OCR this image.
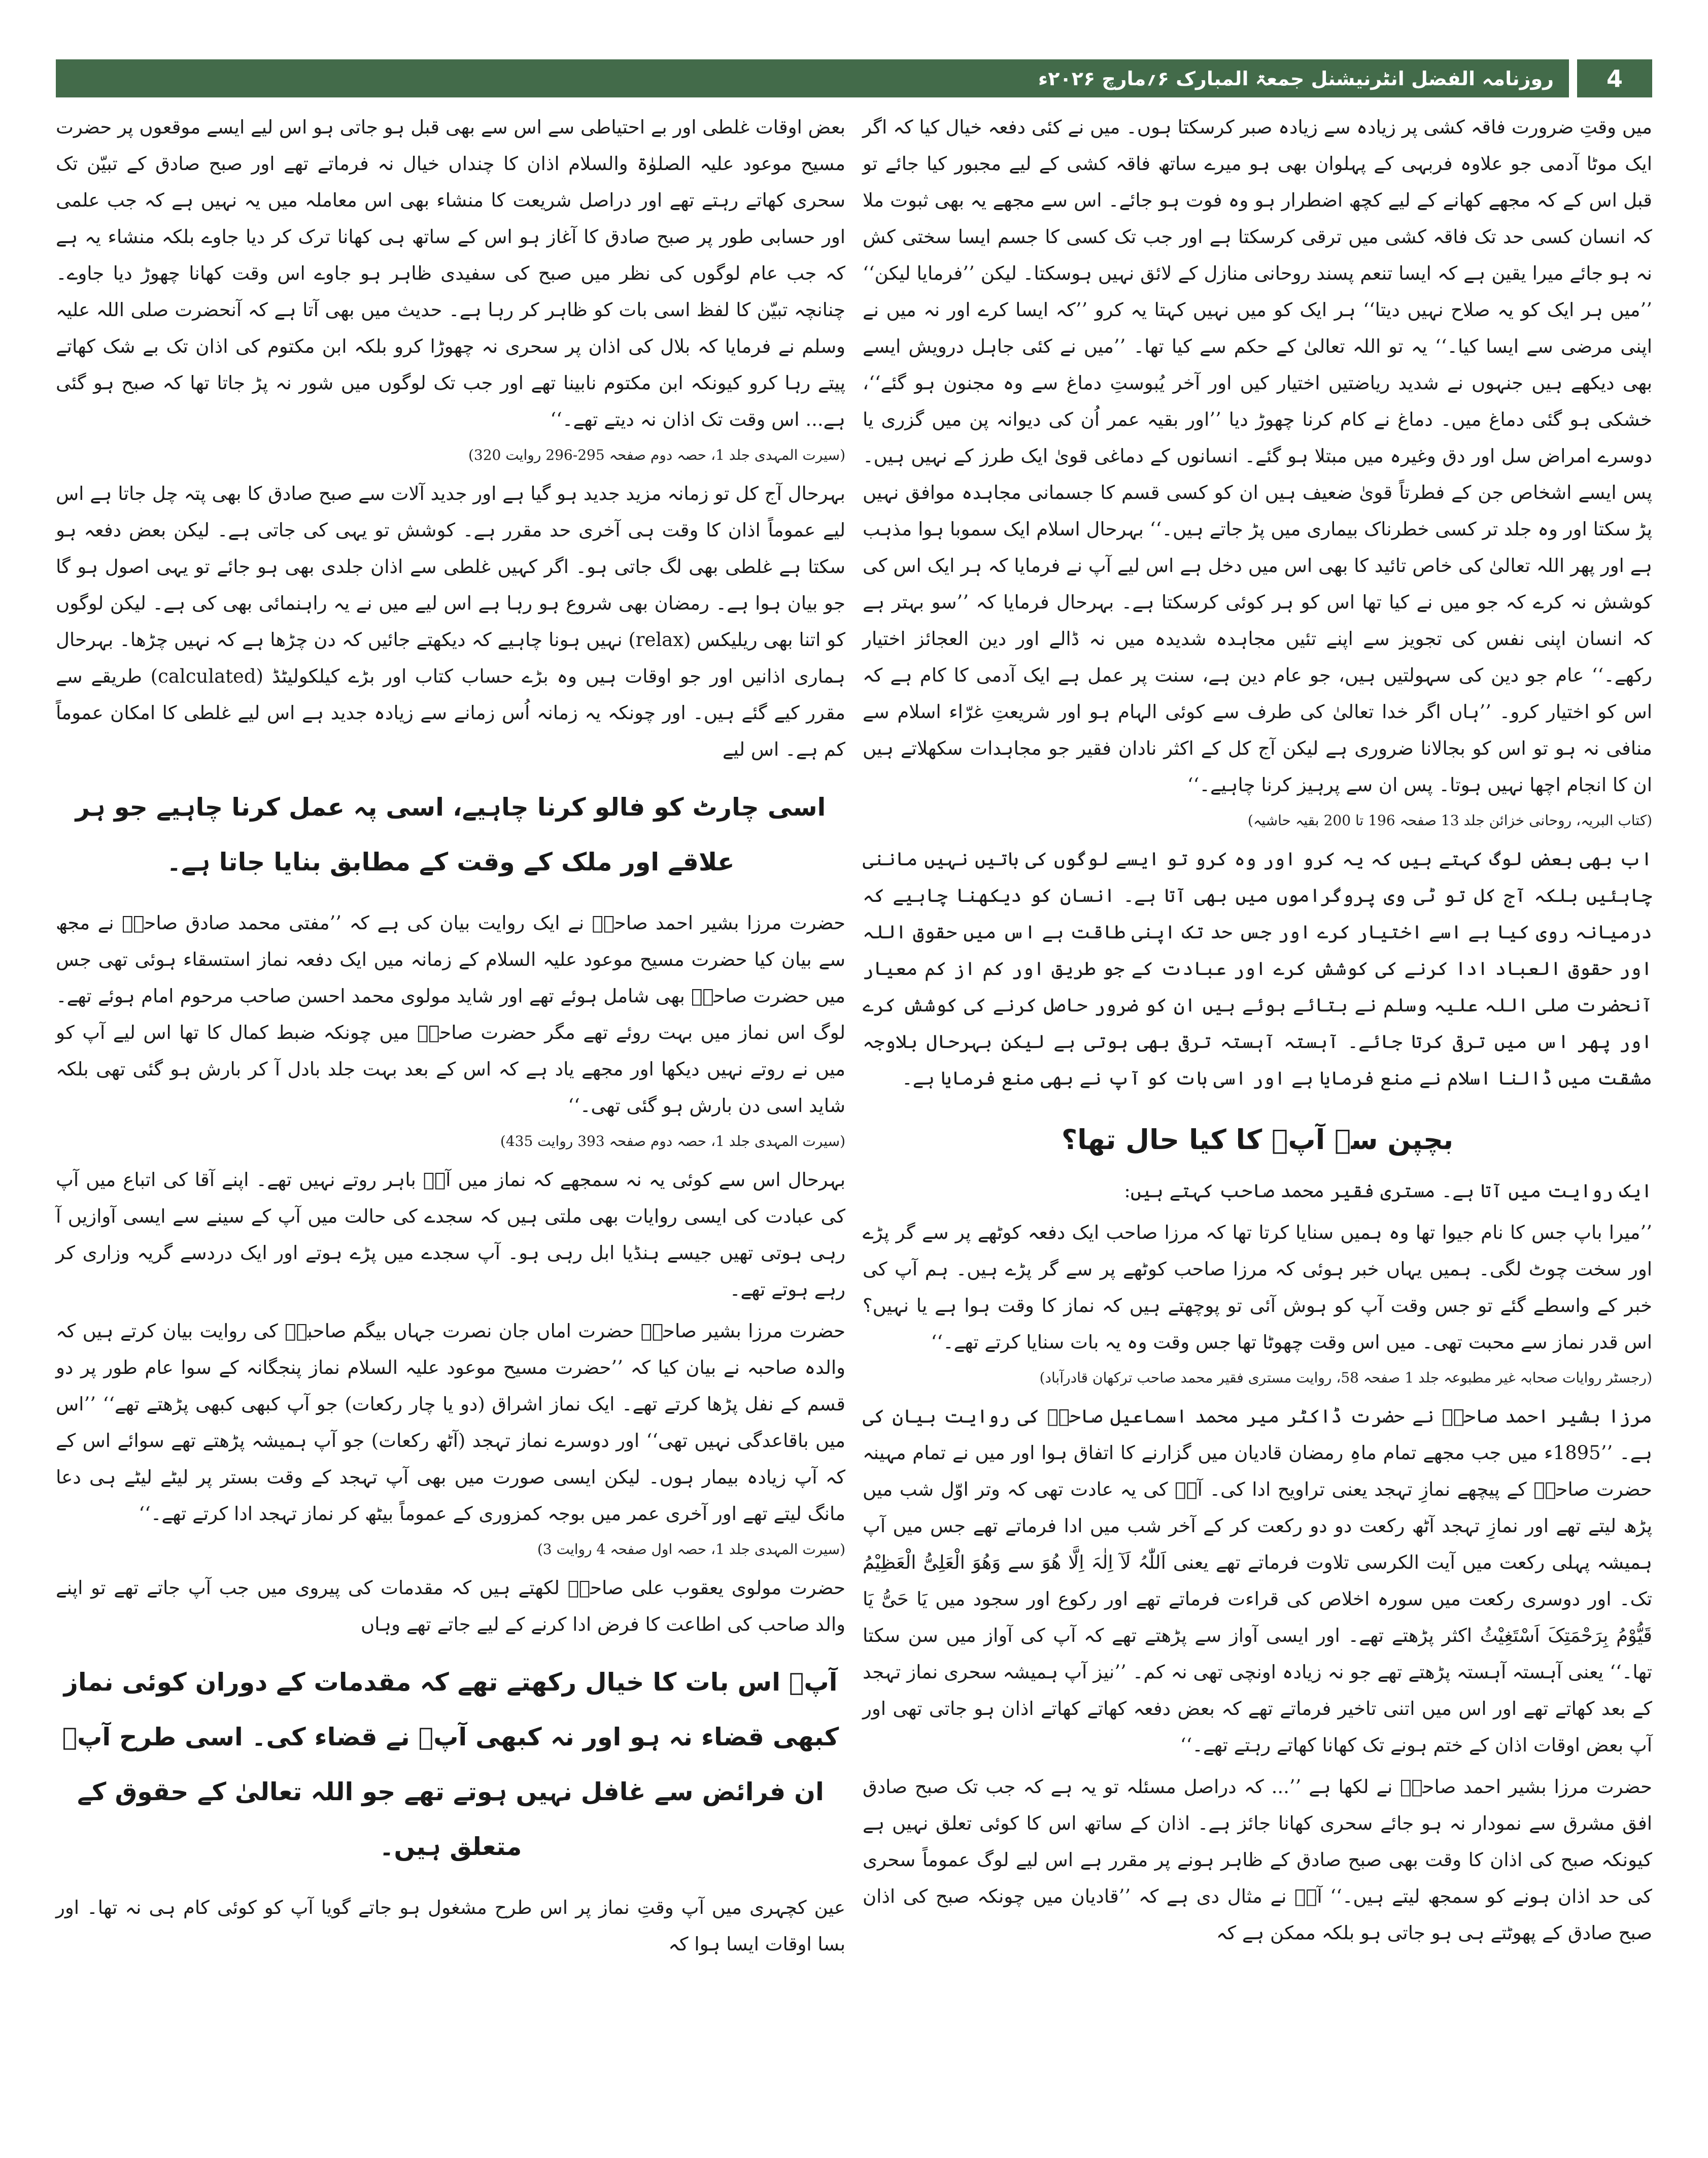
روزنامہ الفضل انٹرنیشنل جمعۃ المبارک ۶؍مارچ ۲۰۲۶ء	4

میں وقتِ ضرورت فاقہ کشی پر زیادہ سے زیادہ صبر کرسکتا ہوں۔ میں نے کئی دفعہ خیال کیا کہ اگر ایک موٹا آدمی جو علاوہ فربہی کے پہلوان بھی ہو میرے ساتھ فاقہ کشی کے لیے مجبور کیا جائے تو قبل اس کے کہ مجھے کھانے کے لیے کچھ اضطرار ہو وہ فوت ہو جائے۔ اس سے مجھے یہ بھی ثبوت ملا کہ انسان کسی حد تک فاقہ کشی میں ترقی کرسکتا ہے اور جب تک کسی کا جسم ایسا سختی کش نہ ہو جائے میرا یقین ہے کہ ایسا تنعم پسند روحانی منازل کے لائق نہیں ہوسکتا۔ لیکن ’’فرمایا لیکن‘‘ ’’میں ہر ایک کو یہ صلاح نہیں دیتا‘‘ ہر ایک کو میں نہیں کہتا یہ کرو ’’کہ ایسا کرے اور نہ میں نے اپنی مرضی سے ایسا کیا۔‘‘ یہ تو اللہ تعالیٰ کے حکم سے کیا تھا۔ ’’میں نے کئی جاہل درویش ایسے بھی دیکھے ہیں جنہوں نے شدید ریاضتیں اختیار کیں اور آخر یُبوستِ دماغ سے وہ مجنون ہو گئے‘‘، خشکی ہو گئی دماغ میں۔ دماغ نے کام کرنا چھوڑ دیا ’’اور بقیہ عمر اُن کی دیوانہ پن میں گزری یا دوسرے امراض سل اور دق وغیرہ میں مبتلا ہو گئے۔ انسانوں کے دماغی قویٰ ایک طرز کے نہیں ہیں۔ پس ایسے اشخاص جن کے فطرتاً قویٰ ضعیف ہیں ان کو کسی قسم کا جسمانی مجاہدہ موافق نہیں پڑ سکتا اور وہ جلد تر کسی خطرناک بیماری میں پڑ جاتے ہیں۔‘‘ بہرحال اسلام ایک سموبا ہوا مذہب ہے اور پھر اللہ تعالیٰ کی خاص تائید کا بھی اس میں دخل ہے اس لیے آپ نے فرمایا کہ ہر ایک اس کی کوشش نہ کرے کہ جو میں نے کیا تھا اس کو ہر کوئی کرسکتا ہے۔ بہرحال فرمایا کہ ’’سو بہتر ہے کہ انسان اپنی نفس کی تجویز سے اپنے تئیں مجاہدہ شدیدہ میں نہ ڈالے اور دین العجائز اختیار رکھے۔‘‘ عام جو دین کی سہولتیں ہیں، جو عام دین ہے، سنت پر عمل ہے ایک آدمی کا کام ہے کہ اس کو اختیار کرو۔ ’’ہاں اگر خدا تعالیٰ کی طرف سے کوئی الہام ہو اور شریعتِ غرّاء اسلام سے منافی نہ ہو تو اس کو بجالانا ضروری ہے لیکن آج کل کے اکثر نادان فقیر جو مجاہدات سکھلاتے ہیں ان کا انجام اچھا نہیں ہوتا۔ پس ان سے پرہیز کرنا چاہیے۔‘‘

(کتاب البریہ، روحانی خزائن جلد 13 صفحہ 196 تا 200 بقیہ حاشیہ)

اب بھی بعض لوگ کہتے ہیں کہ یہ کرو اور وہ کرو تو ایسے لوگوں کی باتیں نہیں ماننی چاہئیں بلکہ آج کل تو ٹی وی پروگراموں میں بھی آتا ہے۔ انسان کو دیکھنا چاہیے کہ درمیانہ روی کیا ہے اسے اختیار کرے اور جس حد تک اپنی طاقت ہے اس میں حقوق اللہ اور حقوق العباد ادا کرنے کی کوشش کرے اور عبادت کے جو طریق اور کم از کم معیار آنحضرت صلی اللہ علیہ وسلم نے بتائے ہوئے ہیں ان کو ضرور حاصل کرنے کی کوشش کرے اور پھر اس میں ترقی کرتا جائے۔ آہستہ آہستہ ترقی بھی ہوتی ہے لیکن بہرحال بلاوجہ مشقت میں ڈالنا اسلام نے منع فرمایا ہے اور اسی بات کو آپ نے بھی منع فرمایا ہے۔

بچپن سے آپؑ کا کیا حال تھا؟

ایک روایت میں آتا ہے۔ مستری فقیر محمد صاحب کہتے ہیں:

’’میرا باپ جس کا نام جیوا تھا وہ ہمیں سنایا کرتا تھا کہ مرزا صاحب ایک دفعہ کوٹھے پر سے گر پڑے اور سخت چوٹ لگی۔ ہمیں یہاں خبر ہوئی کہ مرزا صاحب کوٹھے پر سے گر پڑے ہیں۔ ہم آپ کی خبر کے واسطے گئے تو جس وقت آپ کو ہوش آئی تو پوچھتے ہیں کہ نماز کا وقت ہوا ہے یا نہیں؟ اس قدر نماز سے محبت تھی۔ میں اس وقت چھوٹا تھا جس وقت وہ یہ بات سنایا کرتے تھے۔‘‘

(رجسٹر روایات صحابہ غیر مطبوعہ جلد 1 صفحہ 58، روایت مستری فقیر محمد صاحب ترکھان قادرآباد)

مرزا بشیر احمد صاحبؓ نے حضرت ڈاکٹر میر محمد اسماعیل صاحبؓ کی روایت بیان کی ہے۔ ’’1895ء میں جب مجھے تمام ماہِ رمضان قادیان میں گزارنے کا اتفاق ہوا اور میں نے تمام مہینہ حضرت صاحبؑ کے پیچھے نمازِ تہجد یعنی تراویح ادا کی۔ آپؑ کی یہ عادت تھی کہ وتر اوّل شب میں پڑھ لیتے تھے اور نمازِ تہجد آٹھ رکعت دو دو رکعت کر کے آخر شب میں ادا فرماتے تھے جس میں آپ ہمیشہ پہلی رکعت میں آیت الکرسی تلاوت فرماتے تھے یعنی اَللّٰہُ لَآ اِلٰہَ اِلَّا ھُوَ سے وَھُوَ الْعَلِیُّ الْعَظِیْمُ تک۔ اور دوسری رکعت میں سورہ اخلاص کی قراءت فرماتے تھے اور رکوع اور سجود میں یَا حَیُّ یَا قَیُّوْمُ بِرَحْمَتِکَ اَسْتَغِیْثُ اکثر پڑھتے تھے۔ اور ایسی آواز سے پڑھتے تھے کہ آپ کی آواز میں سن سکتا تھا۔‘‘ یعنی آہستہ آہستہ پڑھتے تھے جو نہ زیادہ اونچی تھی نہ کم۔ ’’نیز آپ ہمیشہ سحری نماز تہجد کے بعد کھاتے تھے اور اس میں اتنی تاخیر فرماتے تھے کہ بعض دفعہ کھاتے کھاتے اذان ہو جاتی تھی اور آپ بعض اوقات اذان کے ختم ہونے تک کھانا کھاتے رہتے تھے۔‘‘

حضرت مرزا بشیر احمد صاحبؓ نے لکھا ہے ’’... کہ دراصل مسئلہ تو یہ ہے کہ جب تک صبح صادق افق مشرق سے نمودار نہ ہو جائے سحری کھانا جائز ہے۔ اذان کے ساتھ اس کا کوئی تعلق نہیں ہے کیونکہ صبح کی اذان کا وقت بھی صبح صادق کے ظاہر ہونے پر مقرر ہے اس لیے لوگ عموماً سحری کی حد اذان ہونے کو سمجھ لیتے ہیں۔‘‘ آپؑ نے مثال دی ہے کہ ’’قادیان میں چونکہ صبح کی اذان صبح صادق کے پھوٹتے ہی ہو جاتی ہو بلکہ ممکن ہے کہ

بعض اوقات غلطی اور بے احتیاطی سے اس سے بھی قبل ہو جاتی ہو اس لیے ایسے موقعوں پر حضرت مسیح موعود علیہ الصلوٰۃ والسلام اذان کا چنداں خیال نہ فرماتے تھے اور صبح صادق کے تبیّن تک سحری کھاتے رہتے تھے اور دراصل شریعت کا منشاء بھی اس معاملہ میں یہ نہیں ہے کہ جب علمی اور حسابی طور پر صبح صادق کا آغاز ہو اس کے ساتھ ہی کھانا ترک کر دیا جاوے بلکہ منشاء یہ ہے کہ جب عام لوگوں کی نظر میں صبح کی سفیدی ظاہر ہو جاوے اس وقت کھانا چھوڑ دیا جاوے۔ چنانچہ تبیّن کا لفظ اسی بات کو ظاہر کر رہا ہے۔ حدیث میں بھی آتا ہے کہ آنحضرت صلی اللہ علیہ وسلم نے فرمایا کہ بلال کی اذان پر سحری نہ چھوڑا کرو بلکہ ابن مکتوم کی اذان تک بے شک کھاتے پیتے رہا کرو کیونکہ ابن مکتوم نابینا تھے اور جب تک لوگوں میں شور نہ پڑ جاتا تھا کہ صبح ہو گئی ہے... اس وقت تک اذان نہ دیتے تھے۔‘‘

(سیرت المہدی جلد 1، حصہ دوم صفحہ 295-296 روایت 320)

بہرحال آج کل تو زمانہ مزید جدید ہو گیا ہے اور جدید آلات سے صبح صادق کا بھی پتہ چل جاتا ہے اس لیے عموماً اذان کا وقت ہی آخری حد مقرر ہے۔ کوشش تو یہی کی جاتی ہے۔ لیکن بعض دفعہ ہو سکتا ہے غلطی بھی لگ جاتی ہو۔ اگر کہیں غلطی سے اذان جلدی بھی ہو جائے تو یہی اصول ہو گا جو بیان ہوا ہے۔ رمضان بھی شروع ہو رہا ہے اس لیے میں نے یہ راہنمائی بھی کی ہے۔ لیکن لوگوں کو اتنا بھی ریلیکس (relax) نہیں ہونا چاہیے کہ دیکھتے جائیں کہ دن چڑھا ہے کہ نہیں چڑھا۔ بہرحال ہماری اذانیں اور جو اوقات ہیں وہ بڑے حساب کتاب اور بڑے کیلکولیٹڈ (calculated) طریقے سے مقرر کیے گئے ہیں۔ اور چونکہ یہ زمانہ اُس زمانے سے زیادہ جدید ہے اس لیے غلطی کا امکان عموماً کم ہے۔ اس لیے

اسی چارٹ کو فالو کرنا چاہیے، اسی پہ عمل کرنا چاہیے جو ہر علاقے اور ملک کے وقت کے مطابق بنایا جاتا ہے۔

حضرت مرزا بشیر احمد صاحبؓ نے ایک روایت بیان کی ہے کہ ’’مفتی محمد صادق صاحبؓ نے مجھ سے بیان کیا حضرت مسیح موعود علیہ السلام کے زمانہ میں ایک دفعہ نماز استسقاء ہوئی تھی جس میں حضرت صاحبؑ بھی شامل ہوئے تھے اور شاید مولوی محمد احسن صاحب مرحوم امام ہوئے تھے۔ لوگ اس نماز میں بہت روئے تھے مگر حضرت صاحبؑ میں چونکہ ضبط کمال کا تھا اس لیے آپ کو میں نے روتے نہیں دیکھا اور مجھے یاد ہے کہ اس کے بعد بہت جلد بادل آ کر بارش ہو گئی تھی بلکہ شاید اسی دن بارش ہو گئی تھی۔‘‘

(سیرت المہدی جلد 1، حصہ دوم صفحہ 393 روایت 435)

بہرحال اس سے کوئی یہ نہ سمجھے کہ نماز میں آپؑ باہر روتے نہیں تھے۔ اپنے آقا کی اتباع میں آپ کی عبادت کی ایسی روایات بھی ملتی ہیں کہ سجدے کی حالت میں آپ کے سینے سے ایسی آوازیں آ رہی ہوتی تھیں جیسے ہنڈیا ابل رہی ہو۔ آپ سجدے میں پڑے ہوتے اور ایک دردسے گریہ وزاری کر رہے ہوتے تھے۔

حضرت مرزا بشیر صاحبؓ حضرت اماں جان نصرت جہاں بیگم صاحبہؓ کی روایت بیان کرتے ہیں کہ والدہ صاحبہ نے بیان کیا کہ ’’حضرت مسیح موعود علیہ السلام نماز پنجگانہ کے سوا عام طور پر دو قسم کے نفل پڑھا کرتے تھے۔ ایک نماز اشراق (دو یا چار رکعات) جو آپ کبھی کبھی پڑھتے تھے‘‘ ’’اس میں باقاعدگی نہیں تھی‘‘ اور دوسرے نماز تہجد (آٹھ رکعات) جو آپ ہمیشہ پڑھتے تھے سوائے اس کے کہ آپ زیادہ بیمار ہوں۔ لیکن ایسی صورت میں بھی آپ تہجد کے وقت بستر پر لیٹے لیٹے ہی دعا مانگ لیتے تھے اور آخری عمر میں بوجہ کمزوری کے عموماً بیٹھ کر نماز تہجد ادا کرتے تھے۔‘‘

(سیرت المہدی جلد 1، حصہ اول صفحہ 4 روایت 3)

حضرت مولوی یعقوب علی صاحبؓ لکھتے ہیں کہ مقدمات کی پیروی میں جب آپ جاتے تھے تو اپنے والد صاحب کی اطاعت کا فرض ادا کرنے کے لیے جاتے تھے وہاں

آپؑ اس بات کا خیال رکھتے تھے کہ مقدمات کے دوران کوئی نماز کبھی قضاء نہ ہو اور نہ کبھی آپؑ نے قضاء کی۔ اسی طرح آپؑ ان فرائض سے غافل نہیں ہوتے تھے جو اللہ تعالیٰ کے حقوق کے متعلق ہیں۔

عین کچہری میں آپ وقتِ نماز پر اس طرح مشغول ہو جاتے گویا آپ کو کوئی کام ہی نہ تھا۔ اور بسا اوقات ایسا ہوا کہ
